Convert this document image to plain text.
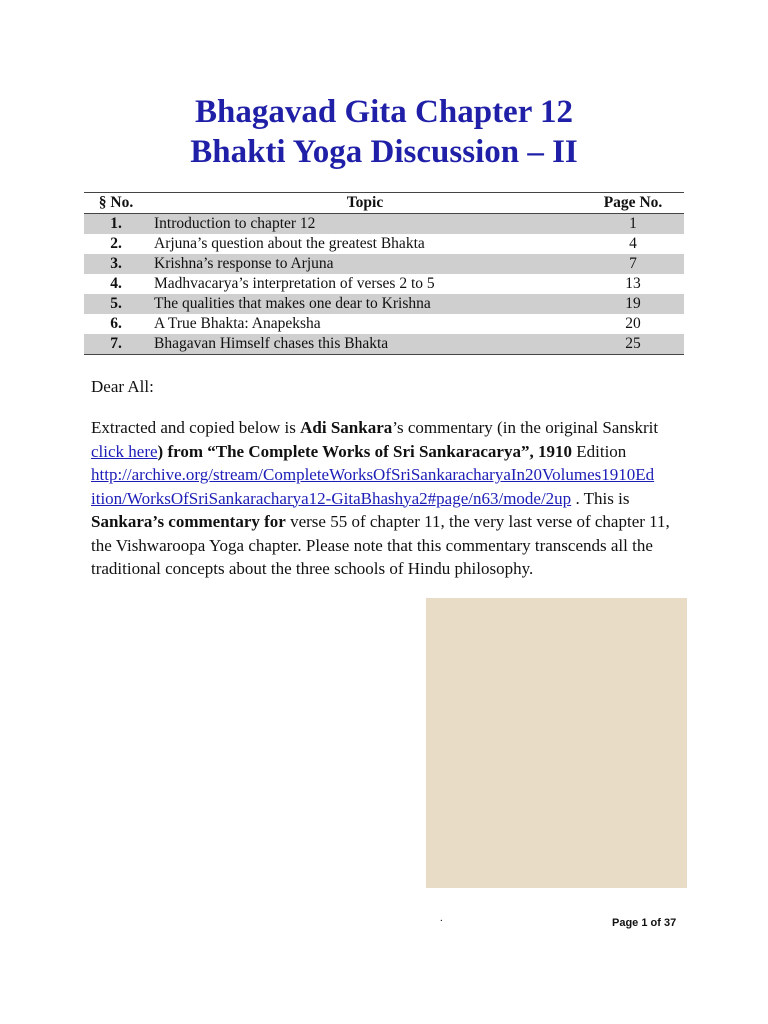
Bhagavad Gita Chapter 12
Bhakti Yoga Discussion – II
§ No.	Topic	Page No.
1.	Introduction to chapter 12	1
2.	Arjuna’s question about the greatest Bhakta	4
3.	Krishna’s response to Arjuna	7
4.	Madhvacarya’s interpretation of verses 2 to 5	13
5.	The qualities that makes one dear to Krishna	19
6.	A True Bhakta: Anapeksha	20
7.	Bhagavan Himself chases this Bhakta	25
Dear All:
Extracted and copied below is Adi Sankara’s commentary (in the original Sanskrit click here) from “The Complete Works of Sri Sankaracarya”, 1910 Edition http://archive.org/stream/CompleteWorksOfSriSankaracharyaIn20Volumes1910Ed
ition/WorksOfSriSankaracharya12-GitaBhashya2#page/n63/mode/2up . This is
Sankara’s commentary for verse 55 of chapter 11, the very last verse of chapter 11, the Vishwaroopa Yoga chapter. Please note that this commentary transcends all the traditional concepts about the three schools of Hindu philosophy.
.	Page 1 of 37
